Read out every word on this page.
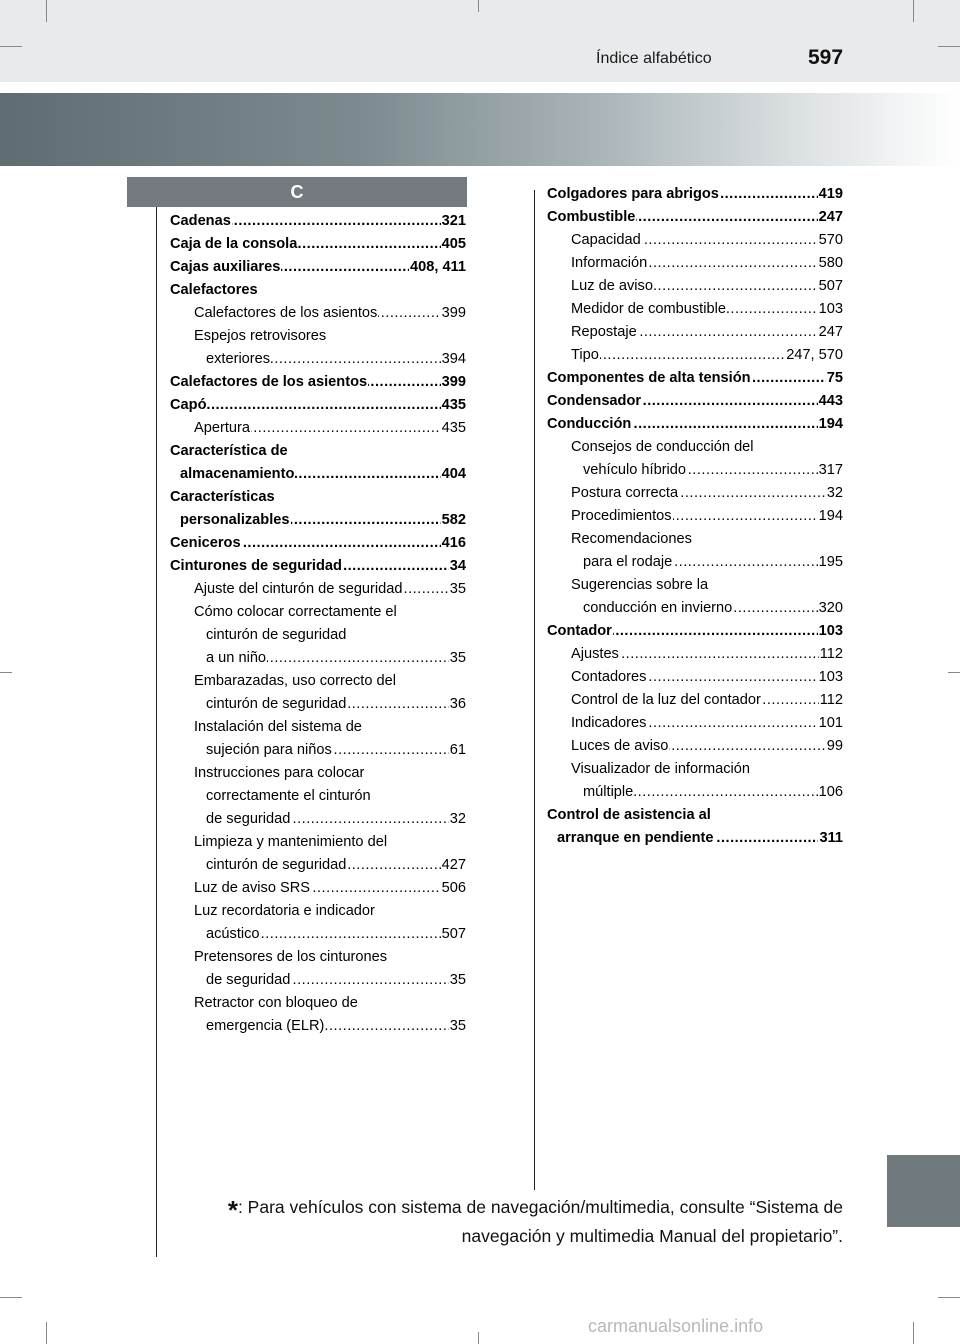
Índice alfabético	597
C
Cadenas	321
.....
Caja de la consola	405
.....
Cajas auxiliares	408, 411
.....
Calefactores
Calefactores de los asientos	399
.....
Espejos retrovisores
exteriores	394
.....
Calefactores de los asientos	399
.....
Capó	435
.....
Apertura	435
.....
Característica de
almacenamiento	404
.....
Características
personalizables	582
.....
Ceniceros	416
.....
Cinturones de seguridad	34
.....
Ajuste del cinturón de seguridad	35
.....
Cómo colocar correctamente el
cinturón de seguridad
a un niño	35
.....
Embarazadas, uso correcto del
cinturón de seguridad	36
.....
Instalación del sistema de
sujeción para niños	61
.....
Instrucciones para colocar
correctamente el cinturón
de seguridad	32
.....
Limpieza y mantenimiento del
cinturón de seguridad	427
.....
Luz de aviso SRS	506
.....
Luz recordatoria e indicador
acústico	507
.....
Pretensores de los cinturones
de seguridad	35
.....
Retractor con bloqueo de
emergencia (ELR)	35
.....
Colgadores para abrigos	419
.....
Combustible	247
.....
Capacidad	570
.....
Información	580
.....
Luz de aviso	507
.....
Medidor de combustible	103
.....
Repostaje	247
.....
Tipo	247, 570
.....
Componentes de alta tensión	75
.....
Condensador	443
.....
Conducción	194
.....
Consejos de conducción del
vehículo híbrido	317
.....
Postura correcta	32
.....
Procedimientos	194
.....
Recomendaciones
para el rodaje	195
.....
Sugerencias sobre la
conducción en invierno	320
.....
Contador	103
.....
Ajustes	112
.....
Contadores	103
.....
Control de la luz del contador	112
.....
Indicadores	101
.....
Luces de aviso	99
.....
Visualizador de información
múltiple	106
.....
Control de asistencia al
arranque en pendiente	311
.....
*: Para vehículos con sistema de navegación/multimedia, consulte “Sistema de
navegación y multimedia Manual del propietario”.
carmanualsonline.info
